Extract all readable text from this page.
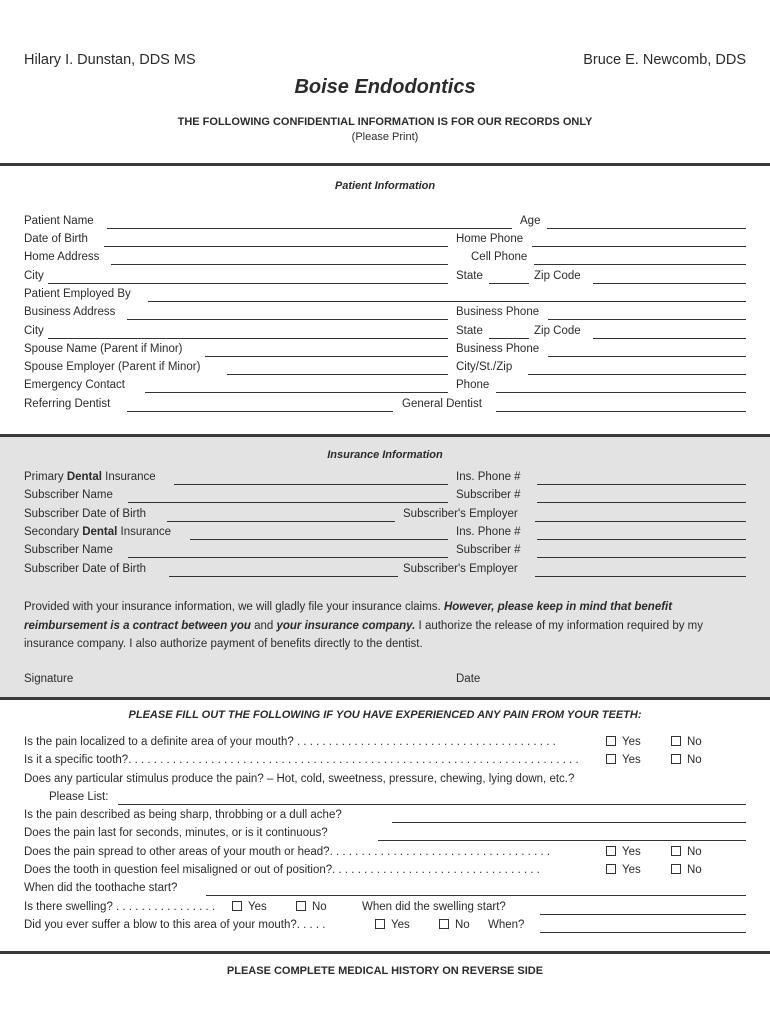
Hilary I. Dunstan, DDS MS	Bruce E. Newcomb, DDS
Boise Endodontics
THE FOLLOWING CONFIDENTIAL INFORMATION IS FOR OUR RECORDS ONLY
(Please Print)
Patient Information
Patient Name	Age
Date of Birth	Home Phone
Home Address	Cell Phone
City	State	Zip Code
Patient Employed By
Business Address	Business Phone
City	State	Zip Code
Spouse Name (Parent if Minor)	Business Phone
Spouse Employer (Parent if Minor)	City/St./Zip
Emergency Contact	Phone
Referring Dentist	General Dentist
Insurance Information
Primary Dental Insurance	Ins. Phone #
Subscriber Name	Subscriber #
Subscriber Date of Birth	Subscriber's Employer
Secondary Dental Insurance	Ins. Phone #
Subscriber Name	Subscriber #
Subscriber Date of Birth	Subscriber's Employer
Provided with your insurance information, we will gladly file your insurance claims. However, please keep in mind that benefit reimbursement is a contract between you and your insurance company. I authorize the release of my information required by my insurance company. I also authorize payment of benefits directly to the dentist.
Signature	Date
PLEASE FILL OUT THE FOLLOWING IF YOU HAVE EXPERIENCED ANY PAIN FROM YOUR TEETH:
Is the pain localized to a definite area of your mouth? . . . . . . . . . . . . . . . . . . . . . . . . . . . . . . . . . . . . . . . . .	Yes	No
Is it a specific tooth?. . . . . . . . . . . . . . . . . . . . . . . . . . . . . . . . . . . . . . . . . . . . . . . . . . . . . . . . . . . . . . . . . . . . . . .	Yes	No
Does any particular stimulus produce the pain? – Hot, cold, sweetness, pressure, chewing, lying down, etc.?
Please List:
Is the pain described as being sharp, throbbing or a dull ache?
Does the pain last for seconds, minutes, or is it continuous?
Does the pain spread to other areas of your mouth or head?. . . . . . . . . . . . . . . . . . . . . . . . . . . . . . . . . . .	Yes	No
Does the tooth in question feel misaligned or out of position?. . . . . . . . . . . . . . . . . . . . . . . . . . . . . . . . .	Yes	No
When did the toothache start?
Is there swelling? . . . . . . . . . . . . . . . .	Yes	No	When did the swelling start?
Did you ever suffer a blow to this area of your mouth?. . . . .	Yes	No When?
PLEASE COMPLETE MEDICAL HISTORY ON REVERSE SIDE
